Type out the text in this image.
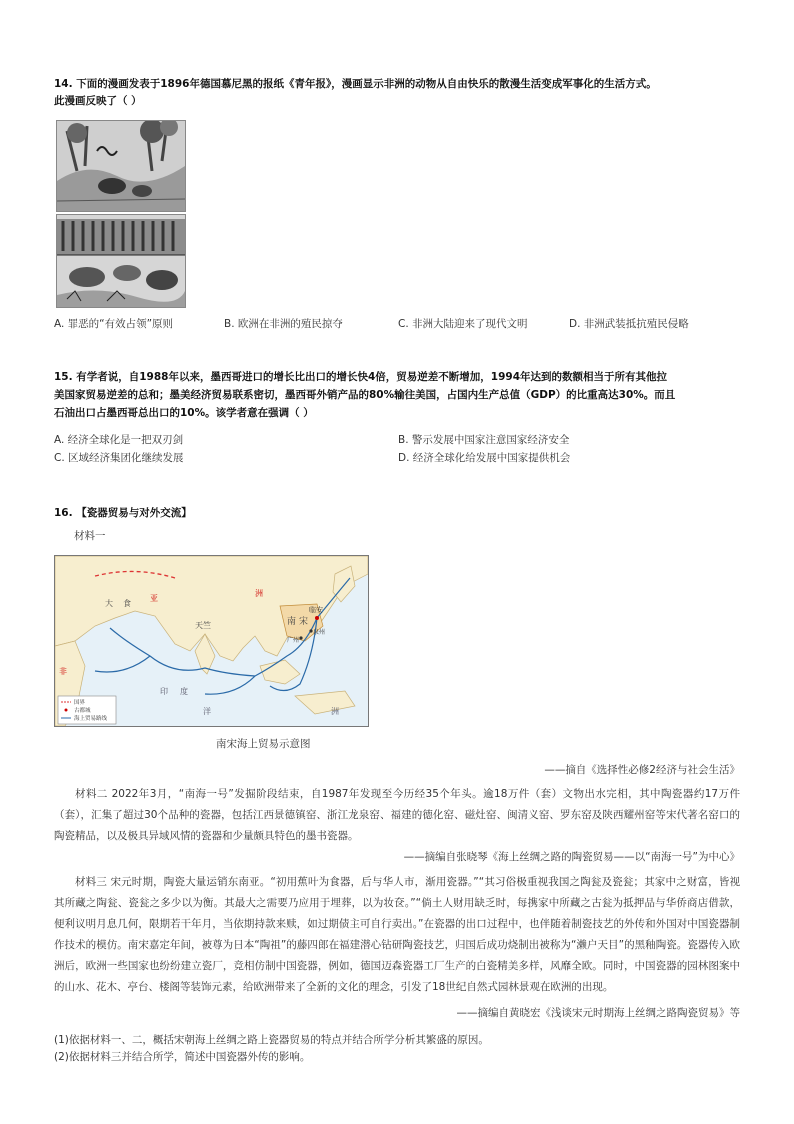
14. 下面的漫画发表于1896年德国慕尼黑的报纸《青年报》，漫画显示非洲的动物从自由快乐的散漫生活变成军事化的生活方式。
此漫画反映了（ ）
A. 罪恶的“有效占领”原则	B. 欧洲在非洲的殖民掠夺	C. 非洲大陆迎来了现代文明	D. 非洲武装抵抗殖民侵略
15. 有学者说，自1988年以来，墨西哥进口的增长比出口的增长快4倍，贸易逆差不断增加，1994年达到的数额相当于所有其他拉
美国家贸易逆差的总和；墨美经济贸易联系密切，墨西哥外销产品的80%输往美国，占国内生产总值（GDP）的比重高达30%。而且
石油出口占墨西哥总出口的10%。该学者意在强调（ ）
A. 经济全球化是一把双刃剑	B. 警示发展中国家注意国家经济安全
C. 区域经济集团化继续发展	D. 经济全球化给发展中国家提供机会
16. 【瓷器贸易与对外交流】
材料一
大 食
亚
天竺	南 宋
临安
泉州
广州
洲
非
印 度
洋	洲
国界
古都城
海上贸易路线
南宋海上贸易示意图
——摘自《选择性必修2经济与社会生活》
材料二 2022年3月，“南海一号”发掘阶段结束，自1987年发现至今历经35个年头。逾18万件（套）文物出水完相，其中陶瓷器约17万件（套），汇集了超过30个品种的瓷器，包括江西景德镇窑、浙江龙泉窑、福建的德化窑、磁灶窑、闽清义窑、罗东窑及陕西耀州窑等宋代著名窑口的陶瓷精品，以及极具异域风情的瓷器和少量颇具特色的墨书瓷器。
——摘编自张晓琴《海上丝绸之路的陶瓷贸易——以“南海一号”为中心》
材料三 宋元时期，陶瓷大量运销东南亚。“初用蕉叶为食器，后与华人市，渐用瓷器。”“其习俗极重视我国之陶瓮及瓷瓮；其家中之财富，皆视其所藏之陶瓮、瓷瓮之多少以为衡。其最大之需要乃应用于埋葬，以为妆奁。”“倘土人财用缺乏时，每携家中所藏之古瓮为抵押品与华侨商店借款，便利议明月息几何，限期若干年月，当依期持款来赎，如过期债主可自行卖出。”在瓷器的出口过程中，也伴随着制瓷技艺的外传和外国对中国瓷器制作技术的模仿。南宋嘉定年间，被尊为日本“陶祖”的藤四郎在福建潜心钻研陶瓷技艺，归国后成功烧制出被称为“濑户天目”的黑釉陶瓷。瓷器传入欧洲后，欧洲一些国家也纷纷建立瓷厂，竞相仿制中国瓷器，例如，德国迈森瓷器工厂生产的白瓷精美多样，风靡全欧。同时，中国瓷器的园林图案中的山水、花木、亭台、楼阁等装饰元素，给欧洲带来了全新的文化的理念，引发了18世纪自然式园林景观在欧洲的出现。
——摘编自黄晓宏《浅谈宋元时期海上丝绸之路陶瓷贸易》等
(1)依据材料一、二，概括宋朝海上丝绸之路上瓷器贸易的特点并结合所学分析其繁盛的原因。
(2)依据材料三并结合所学，简述中国瓷器外传的影响。
